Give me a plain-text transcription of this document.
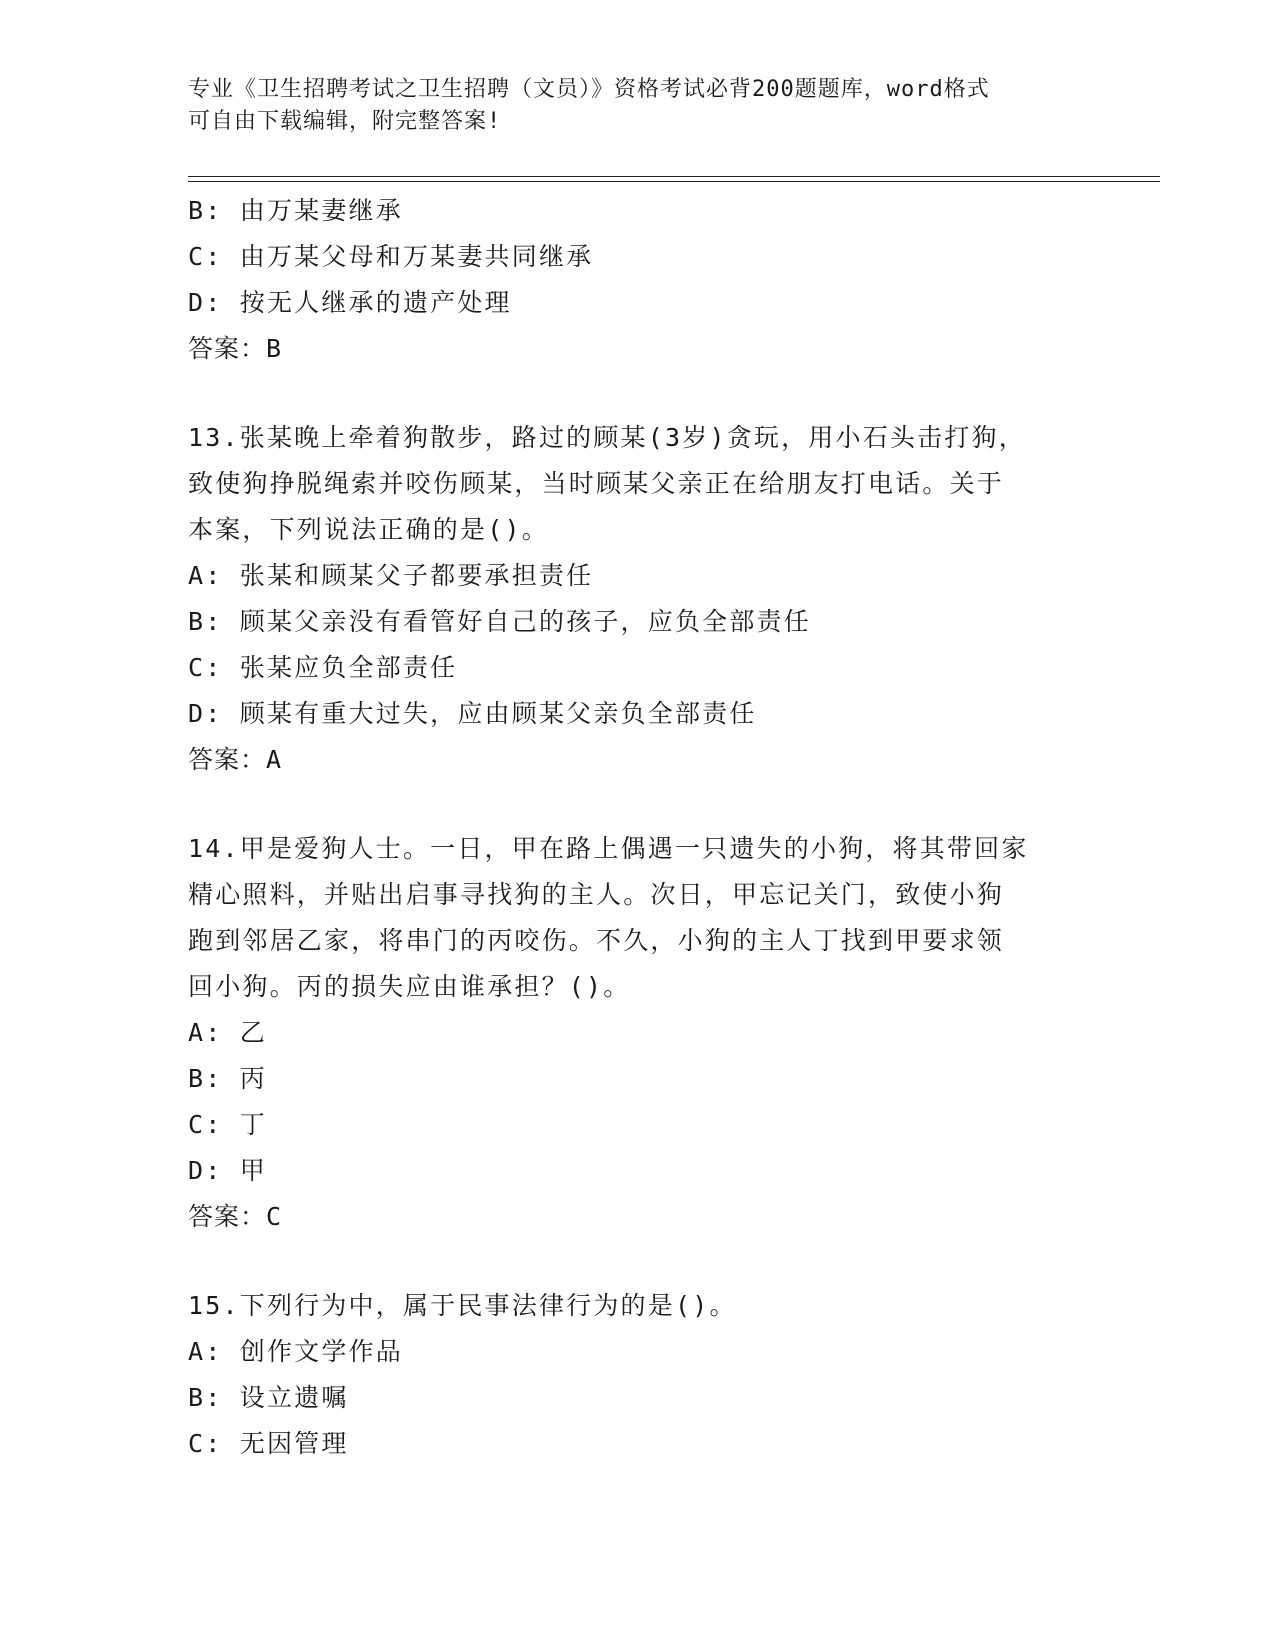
专业《卫生招聘考试之卫生招聘（文员）》资格考试必背200题题库，word格式
可自由下载编辑，附完整答案!
B: 由万某妻继承
C: 由万某父母和万某妻共同继承
D: 按无人继承的遗产处理
答案：B
13.张某晚上牵着狗散步，路过的顾某(3岁)贪玩，用小石头击打狗，
致使狗挣脱绳索并咬伤顾某，当时顾某父亲正在给朋友打电话。关于
本案，下列说法正确的是()。
A: 张某和顾某父子都要承担责任
B: 顾某父亲没有看管好自己的孩子，应负全部责任
C: 张某应负全部责任
D: 顾某有重大过失，应由顾某父亲负全部责任
答案：A
14.甲是爱狗人士。一日，甲在路上偶遇一只遗失的小狗，将其带回家
精心照料，并贴出启事寻找狗的主人。次日，甲忘记关门，致使小狗
跑到邻居乙家，将串门的丙咬伤。不久，小狗的主人丁找到甲要求领
回小狗。丙的损失应由谁承担？()。
A: 乙
B: 丙
C: 丁
D: 甲
答案：C
15.下列行为中，属于民事法律行为的是()。
A: 创作文学作品
B: 设立遗嘱
C: 无因管理
